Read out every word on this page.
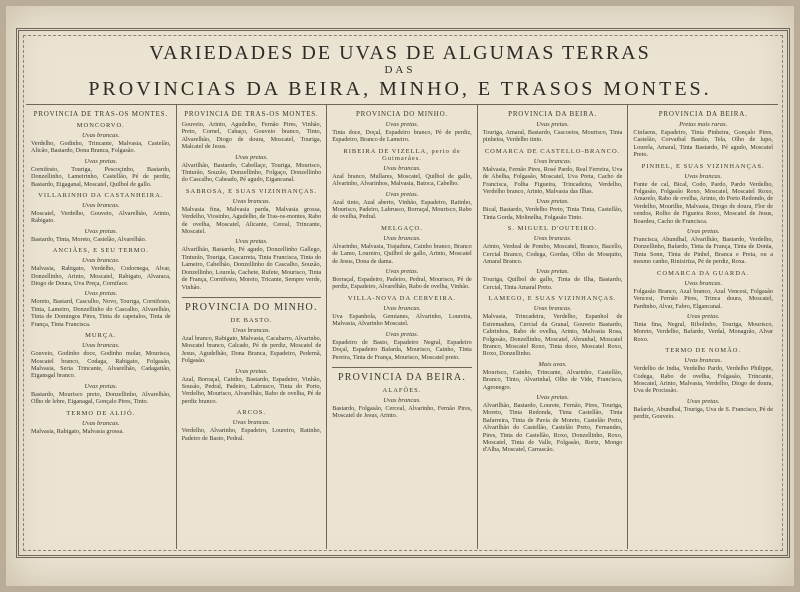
VARIEDADES DE UVAS DE ALGUMAS TERRAS
DAS
PROVINCIAS DA BEIRA, MINHO, E TRASOS MONTES.
PROVINCIA DE TRAS-OS MONTES.
MONCORVO.
Uvas brancas.

Verdelho, Godinho, Trincante, Malvasia, Castelão, Alicão, Bastardo, Dona Branca, Folgasão.

Uvas pretas.

Cornifesto, Touriga, Pescoçinho, Bastardo, Donzellinho, Lameirinho, Castellão, Pé de perdiz, Bastardo, Eigaganal, Moscatel, Quilbol de gallo.

VILLARINHO DA CASTANHEIRA.
Uvas brancas.

Moscatel, Verdelho, Gouveio, Alvarelhão, Arinto, Rabigato.

Uvas pretas.

Bastardo, Tinta, Moreto, Castelão, Alvarelhão.

ANCIÃES, E SEU TERMO.
Uvas brancas.

Malvasia, Rabigato, Verdelho, Codornega, Alvar, Donzellinho, Arinto, Moscatel, Rabigato, Alvaraca, Diogo de Doura, Uva Preça, Corniface.

Uvas pretas.

Moreto, Bastard, Casculho, Novo, Touriga, Cornifesto, Tinta, Lameiro, Donzellinho do Cascalho, Alvarelhão, Tinta de Domingos Pires, Tinta de capetalos, Tinta de França, Tinta Francisca.

MURÇA.
Uvas brancas.

Gouveio, Godinho doce, Godinho molar, Mourisca, Moscatel branco, Codaga, Rabigato, Folgasão, Malvasia, Seria Trincante, Alvarelhão, Cadagatião, Eigansgal branco.

Uvas pretas.

Bastardo, Mourisco preto, Donzellinho, Alvarelhão, Olho de lebre, Eiganagal, Gonçalo Pires, Tinto.

TERMO DE ALIJÓ.
Uvas brancas.

Malvasia, Rabigato, Malvasia grossa.

PROVINCIA DE TRAS-OS MONTES.

Gouveio, Arinto, Agudelho, Fernão Pires, Vinhão, Preto, Cornel, Cabaço, Gouveio branco, Tinto, Alvarelhão, Diogo de doura, Moscatel, Touriga, Malcatel de Jesus.

Uvas pretas.

Alvarilhão, Bastardo, Cabellaçe, Touriga, Mourisco, Tinturão, Souzão, Donzellinho, Folgaço, Donzellinho do Cascalho, Cabeado, Pé agudo, Eigancanal.

SABROSA, E SUAS VIZINHANÇAS.
Uvas brancas.

Malvasia fina, Malvasia parda, Malvasia grossa, Verdelho, Viosinho, Agudelho, de Tras-os-montes, Rabo de ovelha, Moscatel, Alicante, Cereal, Trincante, Moscatel.

Uvas pretas.

Alvarilhão, Bastardo, Pé agudo, Donzellinho Gallego, Tinturão, Touriga, Cascarreta, Tinta Francisca, Tinta do Lameiro, Cabelhão, Donzellinho do Cascalho, Souzão, Donzellinho, Lourela, Cachete, Rufete, Mourisco, Tinta de França, Cornifesto, Moreto, Tricante, Sempre verde, Vinhão.

PROVINCIA DO MINHO.
DE BASTO.
Uvas brancas.

Azal branco, Rabigato, Malvasia, Cacabarro, Alvarinho, Moscatel branco, Calcado, Pé de perdiz, Moscatel de Jesus, Agudelhão, Dona Branca, Espadeiro, Pedernã, Folgasão.

Uvas pretas.

Azal, Borraçal, Cainho, Bastardo, Espadeiro, Vinhão, Sousão, Pedral, Padeiro, Labrusco, Tinta do Porto, Verdelho, Mourisco, Alvarelhão, Rabo de ovelha, Pé de perdiz branco.

ARCOS.
Uvas brancas.

Verdelho, Alvarinho, Espadeiro, Loureiro, Ratinho, Padeiro de Basto, Pedral.

PROVINCIA DO MINHO.
Uvas pretas.

Tinta doce, Doçal, Espadeiro branco, Pé de perdiz, Espadeiro, Branco de Lameiro.

RIBEIRA DE VIZELLA, perto de Guimarães.
Uvas brancas.

Azal branco, Mullares, Moscatel, Quilbol de gallo, Alvarinho, Alvarinhos, Malvasia, Batoca, Cabelho.

Uvas pretas.

Azal tinto, Azal aberto, Vinhão, Espadeiro, Ratinho, Mourisco, Padeiro, Labrusco, Borraçal, Mourisco, Rabo de ovelha, Pedral.

MELGAÇO.
Uvas brancas.

Alvarinho, Malvasia, Trajadura, Cainho branco, Branco de Lamo, Loureiro, Quilbol de gallo, Arinto, Moscatel de Jesus, Dona de dama.

Uvas pretas.

Borraçal, Espadeiro, Padeiro, Pedral, Mourisco, Pé de perdiz, Espadeiro, Alvarelhão, Rabo de ovelha, Vinhão.

VILLA-NOVA DA CERVEIRA.
Uvas brancas.

Uva Espanhola, Gemianes, Alvarinho, Loureira, Malvasia, Alvarinho Moscatel.

Uvas pretas.

Espadeiro de Basto, Espadeiro Negral, Espadeiro Doçal, Espadeiro Bafarda, Mourisco, Cainho, Tinta Pereira, Tinta de França, Mourisco, Moscatel preto.

PROVINCIA DA BEIRA.
ALAFÕES.
Uvas brancas.

Bastardo, Folgasão, Cerceal, Alvarinho, Fernão Pires, Moscatel de Jesus, Arinto.

PROVINCIA DA BEIRA.
Uvas pretas.

Touriga, Amaral, Bastardo, Cascoeira, Mourisco, Tinta pinheira, Verdelho tinto.

COMARCA DE CASTELLO-BRANCO.
Uvas brancas.

Malvasia, Fernão Pires, Rosé Pardo, Real Ferreira, Uva de Abelha, Folgasão, Moscatel, Uva Preta, Cacho de Francisca, Folha Figueira, Trincadeira, Verdelho, Verdelho branco, Arinto, Malvasia das Ilhas.

Uvas pretas.

Bical, Bastardo, Verdelho Preto, Tinta Tinta, Castellão, Tinta Gorda, Molinelha, Folgasão Tinto.

S. MIGUEL D'OUTEIRO.
Uvas brancas.

Arinto, Verdeal de Pombo, Moscatel, Branco, Bacello, Cercial Branco, Codega, Gordas, Olho de Mosquito, Amaral Branco.

Uvas pretas.

Touriga, Quilbol de gallo, Tinta de Ilha, Bastardo, Cercial, Tinta Amaral Preto.

LAMEGO, E SUAS VIZINHANÇAS.
Uvas brancas.

Malvasia, Trincadeira, Verdelho, Espanhol de Estremadura, Cercial da Granal, Gouveio Bastardo, Cabrinhos, Rabo de ovelha, Arinto, Malvasia Rosa, Folgosão, Donzellinho, Moscatel, Abrunhal, Moscatel Branco, Moscatel Roxo, Tinta doce, Moscatel Roxo, Roxo, Donzellinho.

Mais uvas.

Mourisco, Cainho, Trincante, Alvarinho, Castellão, Branco, Tinto, Alvarinhal, Olho de Vide, Francisca, Agronegro.

Uvas pretas.

Alvarilhão, Bastardo, Lourete, Fernão, Pires, Touriga, Moreto, Tinta Redonda, Tinta Castellão, Tinta Bafarreira, Tinta de Pavia de Moreto, Castelão Preto, Alvarilhão do Castellão, Castelão Preto, Fernandes, Pires, Tinta do Castellão, Roxo, Donzellinho, Roxo, Moscatel, Tinta de Valle, Folgasão, Roriz, Mongo d'Alba, Moscatel, Carrascão.

PROVINCIA DA BEIRA.
Pretas mais raras.

Cinfaens, Espadeiro, Tinta Pinheira, Gonçalo Pires, Castelão, Corvaibal Bastão, Tela, Olho de lupo, Lourela, Amaral, Tinta Bastardo, Pé agudo, Moscatel Preto.

PINHEL, E SUAS VIZINHANÇAS.
Uvas brancas.

Fonte de cal, Bical, Codo, Pardo, Pardo Verdelho, Folgasão, Folgasão Roxo, Moscatel, Moscatel Roxo, Amarelo, Rabo de ovelha, Arinto, do Porto Redondo, de Verdelho, Mourilhe, Malvasia, Diogo de doura, Flor de vendos, Rolho de Figueira Roxo, Moscatel de Jesus, Boardeu, Cacho de Francisca.

Uvas pretas.

Francisca, Abundhal, Alvarilhão, Bastardo, Verdelho, Donzellinho, Bafardo, Tinta da França, Tinta de Donia, Tinta Sonn, Tinta de Pinhel, Branca e Preta, ou a mesmo canho, Rinisiriza, Pé de perdiz, Roxa.

COMARCA DA GUARDA.
Uvas brancas.

Folgasão Branco, Azal branco, Azal Vencesi, Folgasão Vencesi, Fernão Pires, Trinca doura, Moscatel, Pardinho, Alvar, Fabro, Elgancanal.

Uvas pretas.

Tinta fina, Negral, Ribolinho, Touriga, Mourisco, Moreto, Verdelho, Bafardo, Verdal, Monagrão, Alvar Roxo.

TERMO DE NOMÃO.
Uvas brancas.

Verdelho de India, Verdelho Pardo, Verdelho Philippe, Codega, Rabo de ovelha, Folgasão, Trincante, Moscatel, Arinto, Malvasia, Verdelho, Diogo de doura, Uva de Procissão.

Uvas pretas.

Bafardo, Abundhal, Touriga, Uva de S. Francisco, Pé de perdiz, Gouveio.
